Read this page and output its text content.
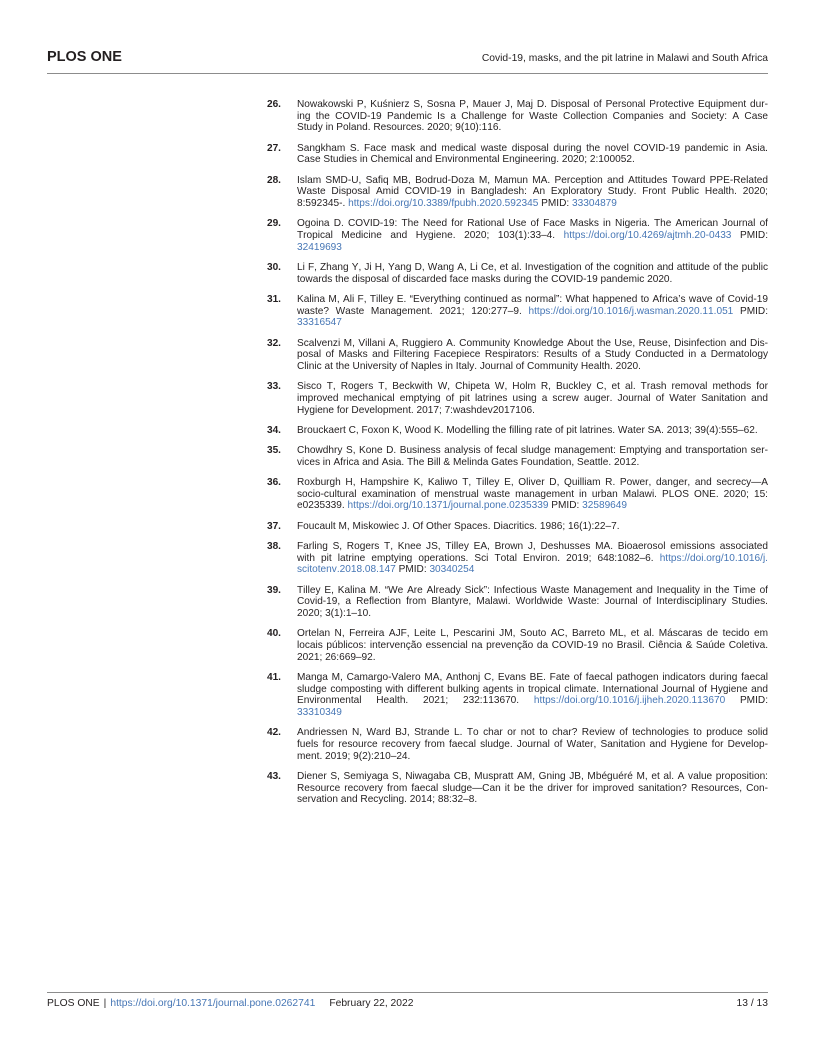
PLOS ONE	Covid-19, masks, and the pit latrine in Malawi and South Africa
26. Nowakowski P, Kuśnierz S, Sosna P, Mauer J, Maj D. Disposal of Personal Protective Equipment dur-
ing the COVID-19 Pandemic Is a Challenge for Waste Collection Companies and Society: A Case
Study in Poland. Resources. 2020; 9(10):116.
27. Sangkham S. Face mask and medical waste disposal during the novel COVID-19 pandemic in Asia.
Case Studies in Chemical and Environmental Engineering. 2020; 2:100052.
28. Islam SMD-U, Safiq MB, Bodrud-Doza M, Mamun MA. Perception and Attitudes Toward PPE-Related
Waste Disposal Amid COVID-19 in Bangladesh: An Exploratory Study. Front Public Health. 2020;
8:592345-. https://doi.org/10.3389/fpubh.2020.592345 PMID: 33304879
29. Ogoina D. COVID-19: The Need for Rational Use of Face Masks in Nigeria. The American Journal of
Tropical Medicine and Hygiene. 2020; 103(1):33–4. https://doi.org/10.4269/ajtmh.20-0433 PMID:
32419693
30. Li F, Zhang Y, Ji H, Yang D, Wang A, Li Ce, et al. Investigation of the cognition and attitude of the public
towards the disposal of discarded face masks during the COVID-19 pandemic 2020.
31. Kalina M, Ali F, Tilley E. “Everything continued as normal”: What happened to Africa’s wave of Covid-19
waste? Waste Management. 2021; 120:277–9. https://doi.org/10.1016/j.wasman.2020.11.051 PMID:
33316547
32. Scalvenzi M, Villani A, Ruggiero A. Community Knowledge About the Use, Reuse, Disinfection and Dis-
posal of Masks and Filtering Facepiece Respirators: Results of a Study Conducted in a Dermatology
Clinic at the University of Naples in Italy. Journal of Community Health. 2020.
33. Sisco T, Rogers T, Beckwith W, Chipeta W, Holm R, Buckley C, et al. Trash removal methods for
improved mechanical emptying of pit latrines using a screw auger. Journal of Water Sanitation and
Hygiene for Development. 2017; 7:washdev2017106.
34. Brouckaert C, Foxon K, Wood K. Modelling the filling rate of pit latrines. Water SA. 2013; 39(4):555–62.
35. Chowdhry S, Kone D. Business analysis of fecal sludge management: Emptying and transportation ser-
vices in Africa and Asia. The Bill & Melinda Gates Foundation, Seattle. 2012.
36. Roxburgh H, Hampshire K, Kaliwo T, Tilley E, Oliver D, Quilliam R. Power, danger, and secrecy—A
socio-cultural examination of menstrual waste management in urban Malawi. PLOS ONE. 2020; 15:
e0235339. https://doi.org/10.1371/journal.pone.0235339 PMID: 32589649
37. Foucault M, Miskowiec J. Of Other Spaces. Diacritics. 1986; 16(1):22–7.
38. Farling S, Rogers T, Knee JS, Tilley EA, Brown J, Deshusses MA. Bioaerosol emissions associated
with pit latrine emptying operations. Sci Total Environ. 2019; 648:1082–6. https://doi.org/10.1016/j.
scitotenv.2018.08.147 PMID: 30340254
39. Tilley E, Kalina M. “We Are Already Sick”: Infectious Waste Management and Inequality in the Time of
Covid-19, a Reflection from Blantyre, Malawi. Worldwide Waste: Journal of Interdisciplinary Studies.
2020; 3(1):1–10.
40. Ortelan N, Ferreira AJF, Leite L, Pescarini JM, Souto AC, Barreto ML, et al. Máscaras de tecido em
locais públicos: intervenção essencial na prevenção da COVID-19 no Brasil. Ciência & Saúde Coletiva.
2021; 26:669–92.
41. Manga M, Camargo-Valero MA, Anthonj C, Evans BE. Fate of faecal pathogen indicators during faecal
sludge composting with different bulking agents in tropical climate. International Journal of Hygiene and
Environmental Health. 2021; 232:113670. https://doi.org/10.1016/j.ijheh.2020.113670 PMID:
33310349
42. Andriessen N, Ward BJ, Strande L. To char or not to char? Review of technologies to produce solid
fuels for resource recovery from faecal sludge. Journal of Water, Sanitation and Hygiene for Develop-
ment. 2019; 9(2):210–24.
43. Diener S, Semiyaga S, Niwagaba CB, Muspratt AM, Gning JB, Mbéguéré M, et al. A value proposition:
Resource recovery from faecal sludge—Can it be the driver for improved sanitation? Resources, Con-
servation and Recycling. 2014; 88:32–8.
PLOS ONE | https://doi.org/10.1371/journal.pone.0262741 February 22, 2022	13 / 13
